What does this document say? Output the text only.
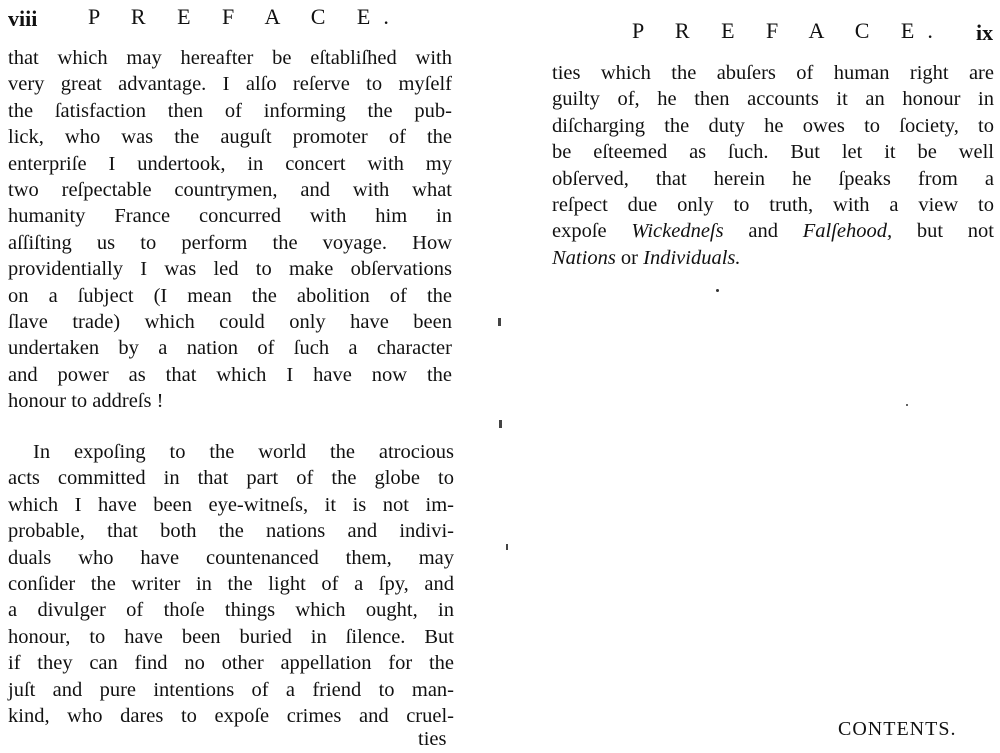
viii P R E F A C E.
that which may hereafter be eſtabliſhed with
very great advantage. I alſo reſerve to myſelf
the ſatisfaction then of informing the pub-
lick, who was the auguſt promoter of the
enterpriſe I undertook, in concert with my
two reſpectable countrymen, and with what
humanity France concurred with him in
aſſiſting us to perform the voyage. How
providentially I was led to make obſervations
on a ſubject (I mean the abolition of the
ſlave trade) which could only have been
undertaken by a nation of ſuch a character
and power as that which I have now the
honour to addreſs !
In expoſing to the world the atrocious
acts committed in that part of the globe to
which I have been eye-witneſs, it is not im-
probable, that both the nations and indivi-
duals who have countenanced them, may
conſider the writer in the light of a ſpy, and
a divulger of thoſe things which ought, in
honour, to have been buried in ſilence. But
if they can find no other appellation for the
juſt and pure intentions of a friend to man-
kind, who dares to expoſe crimes and cruel-
ties
P R E F A C E. ix
ties which the abuſers of human right are
guilty of, he then accounts it an honour in
diſcharging the duty he owes to ſociety, to
be eſteemed as ſuch. But let it be well
obſerved, that herein he ſpeaks from a
reſpect due only to truth, with a view to
expoſe Wickedneſs and Falſehood, but not
Nations or Individuals.
CONTENTS.
